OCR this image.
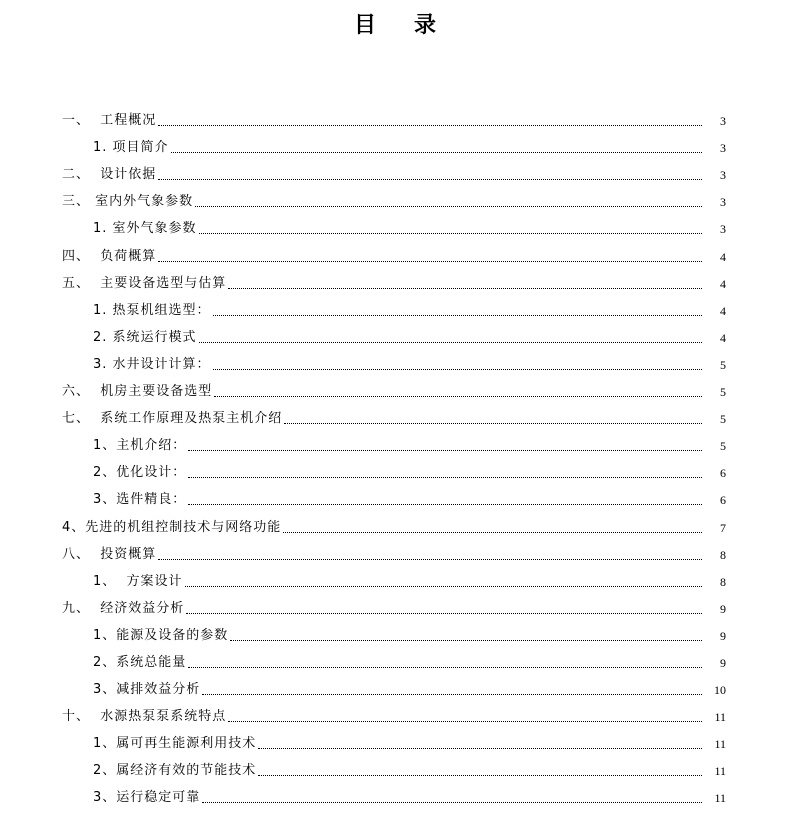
目录
一、  工程概况	3
1. 项目简介	3
二、  设计依据	3
三、 室内外气象参数	3
1. 室外气象参数	3
四、  负荷概算	4
五、  主要设备选型与估算	4
1. 热泵机组选型：	4
2. 系统运行模式	4
3. 水井设计计算：	5
六、  机房主要设备选型	5
七、  系统工作原理及热泵主机介绍	5
1、主机介绍：	5
2、优化设计：	6
3、选件精良：	6
4、先进的机组控制技术与网络功能	7
八、  投资概算	8
1、  方案设计	8
九、  经济效益分析	9
1、能源及设备的参数	9
2、系统总能量	9
3、减排效益分析	10
十、  水源热泵泵系统特点	11
1、属可再生能源利用技术	11
2、属经济有效的节能技术	11
3、运行稳定可靠	11
